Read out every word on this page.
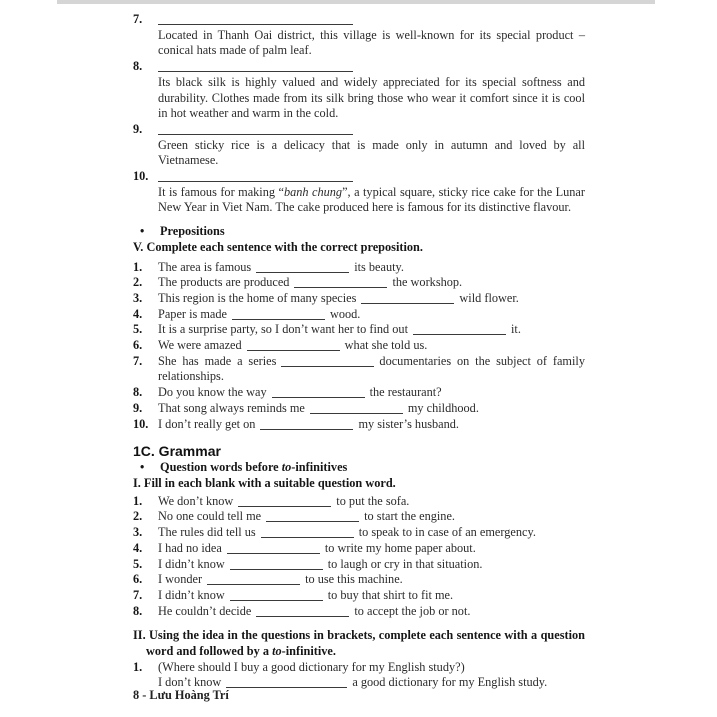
7.

Located in Thanh Oai district, this village is well-known for its special product – conical hats made of palm leaf.

8.

Its black silk is highly valued and widely appreciated for its special softness and durability. Clothes made from its silk bring those who wear it comfort since it is cool in hot weather and warm in the cold.

9.

Green sticky rice is a delicacy that is made only in autumn and loved by all Vietnamese.

10.

It is famous for making “banh chung”, a typical square, sticky rice cake for the Lunar New Year in Viet Nam. The cake produced here is famous for its distinctive flavour.

• Prepositions

V. Complete each sentence with the correct preposition.

1. The area is famous	its beauty.
2. The products are produced	the workshop.
3. This region is the home of many species	wild flower.
4. Paper is made	wood.
5. It is a surprise party, so I don’t want her to find out	it.
6. We were amazed	what she told us.
7. She has made a series	documentaries on the subject of family relationships.
8. Do you know the way	the restaurant?
9. That song always reminds me	my childhood.
10. I don’t really get on	my sister’s husband.
1C. Grammar
• Question words before to-infinitives

I. Fill in each blank with a suitable question word.

1. We don’t know	to put the sofa.
2. No one could tell me	to start the engine.
3. The rules did tell us	to speak to in case of an emergency.
4. I had no idea	to write my home paper about.
5. I didn’t know	to laugh or cry in that situation.
6. I wonder	to use this machine.
7. I didn’t know	to buy that shirt to fit me.
8. He couldn’t decide	to accept the job or not.

II. Using the idea in the questions in brackets, complete each sentence with a question word and followed by a to-infinitive.

1. (Where should I buy a good dictionary for my English study?)

I don’t know	a good dictionary for my English study.

8 - Lưu Hoàng Trí
